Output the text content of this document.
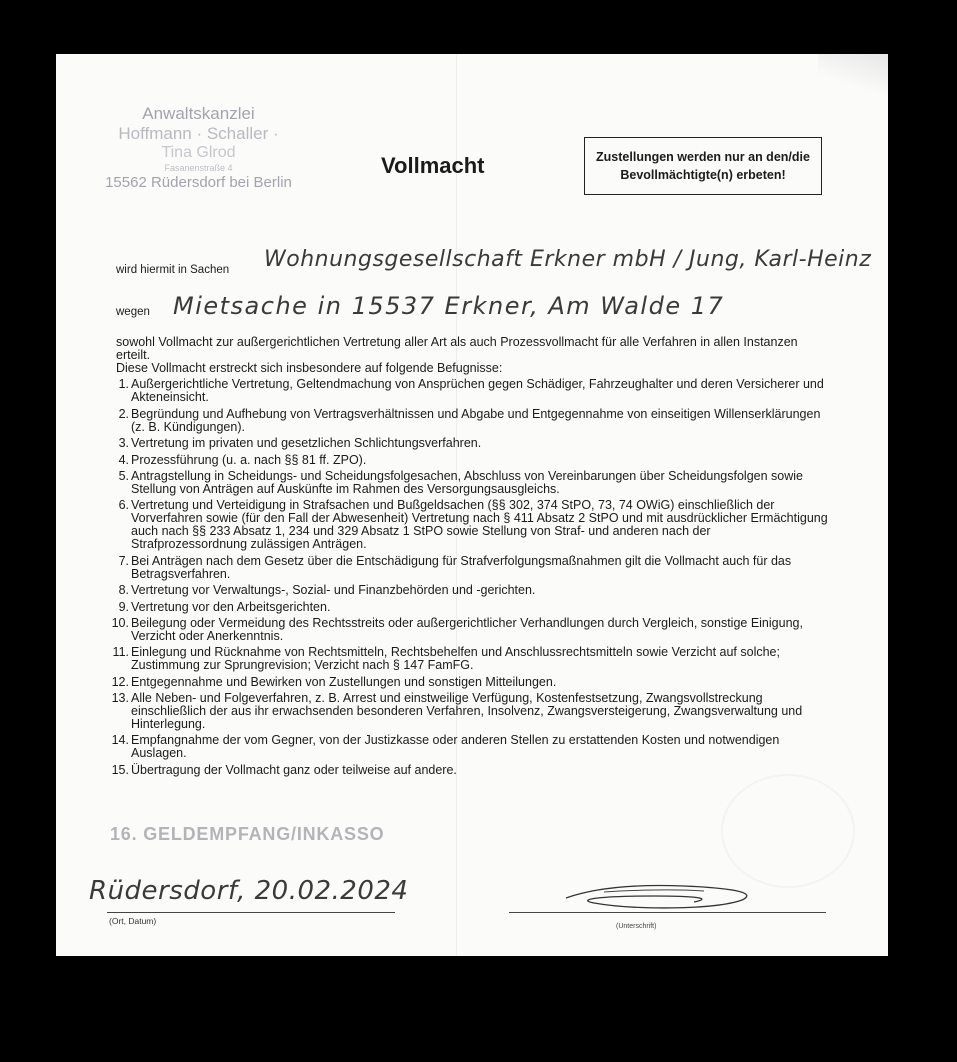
Anwaltskanzlei
Hoffmann · Schaller ·
Tina Glrod
Fasanenstraße 4
15562 Rüdersdorf bei Berlin
Vollmacht	Zustellungen werden nur an den/die
Bevollmächtigte(n) erbeten!
wird hiermit in Sachen Wohnungsgesellschaft Erkner mbH / Jung, Karl-Heinz
wegen Mietsache in 15537 Erkner, Am Walde 17

sowohl Vollmacht zur außergerichtlichen Vertretung aller Art als auch Prozessvollmacht für alle Verfahren in allen Instanzen erteilt.

Diese Vollmacht erstreckt sich insbesondere auf folgende Befugnisse:

1. Außergerichtliche Vertretung, Geltendmachung von Ansprüchen gegen Schädiger, Fahrzeughalter und deren Versicherer und Akteneinsicht.
2. Begründung und Aufhebung von Vertragsverhältnissen und Abgabe und Entgegennahme von einseitigen Willenserklärungen (z. B. Kündigungen).
3. Vertretung im privaten und gesetzlichen Schlichtungsverfahren.
4. Prozessführung (u. a. nach §§ 81 ff. ZPO).
5. Antragstellung in Scheidungs- und Scheidungsfolgesachen, Abschluss von Vereinbarungen über Scheidungsfolgen sowie Stellung von Anträgen auf Auskünfte im Rahmen des Versorgungsausgleichs.
6. Vertretung und Verteidigung in Strafsachen und Bußgeldsachen (§§ 302, 374 StPO, 73, 74 OWiG) einschließlich der Vorverfahren sowie (für den Fall der Abwesenheit) Vertretung nach § 411 Absatz 2 StPO und mit ausdrücklicher Ermächtigung auch nach §§ 233 Absatz 1, 234 und 329 Absatz 1 StPO sowie Stellung von Straf- und anderen nach der Strafprozessordnung zulässigen Anträgen.
7. Bei Anträgen nach dem Gesetz über die Entschädigung für Strafverfolgungsmaßnahmen gilt die Vollmacht auch für das Betragsverfahren.
8. Vertretung vor Verwaltungs-, Sozial- und Finanzbehörden und -gerichten.
9. Vertretung vor den Arbeitsgerichten.
10. Beilegung oder Vermeidung des Rechtsstreits oder außergerichtlicher Verhandlungen durch Vergleich, sonstige Einigung, Verzicht oder Anerkenntnis.
11. Einlegung und Rücknahme von Rechtsmitteln, Rechtsbehelfen und Anschlussrechtsmitteln sowie Verzicht auf solche; Zustimmung zur Sprungrevision; Verzicht nach § 147 FamFG.
12. Entgegennahme und Bewirken von Zustellungen und sonstigen Mitteilungen.
13. Alle Neben- und Folgeverfahren, z. B. Arrest und einstweilige Verfügung, Kostenfestsetzung, Zwangsvollstreckung einschließlich der aus ihr erwachsenden besonderen Verfahren, Insolvenz, Zwangsversteigerung, Zwangsverwaltung und Hinterlegung.
14. Empfangnahme der vom Gegner, von der Justizkasse oder anderen Stellen zu erstattenden Kosten und notwendigen Auslagen.
15. Übertragung der Vollmacht ganz oder teilweise auf andere.
16. GELDEMPFANG/INKASSO
Rüdersdorf, 20.02.2024
(Ort, Datum)
(Unterschrift)
